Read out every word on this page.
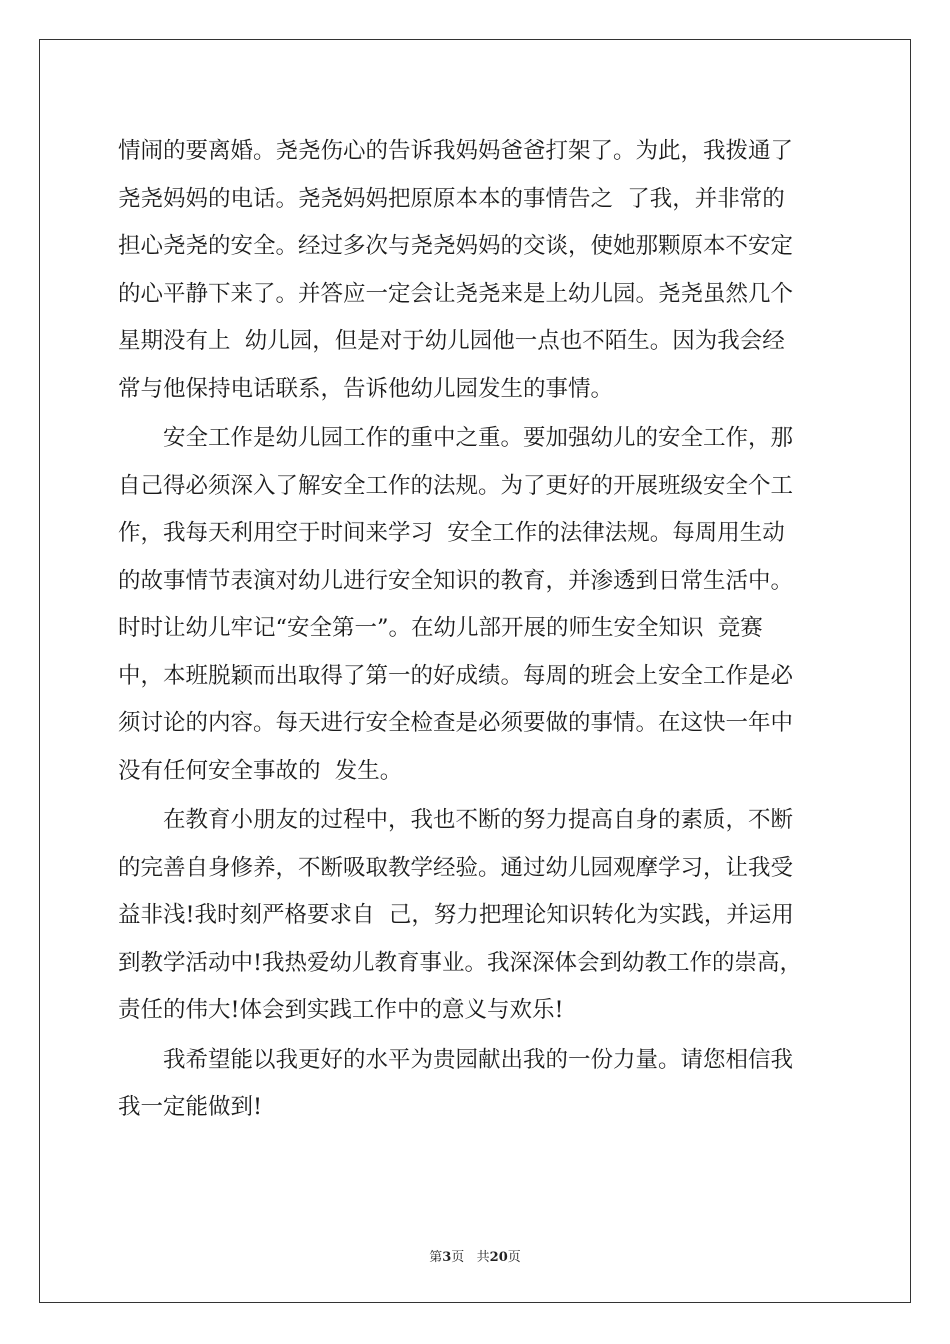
情闹的要离婚。尧尧伤心的告诉我妈妈爸爸打架了。为此，我拨通了
尧尧妈妈的电话。尧尧妈妈把原原本本的事情告之  了我，并非常的
担心尧尧的安全。经过多次与尧尧妈妈的交谈，使她那颗原本不安定
的心平静下来了。并答应一定会让尧尧来是上幼儿园。尧尧虽然几个
星期没有上  幼儿园，但是对于幼儿园他一点也不陌生。因为我会经
常与他保持电话联系，告诉他幼儿园发生的事情。
安全工作是幼儿园工作的重中之重。要加强幼儿的安全工作，那
自己得必须深入了解安全工作的法规。为了更好的开展班级安全个工
作，我每天利用空于时间来学习  安全工作的法律法规。每周用生动
的故事情节表演对幼儿进行安全知识的教育，并渗透到日常生活中。
时时让幼儿牢记“安全第一”。在幼儿部开展的师生安全知识  竞赛
中，本班脱颖而出取得了第一的好成绩。每周的班会上安全工作是必
须讨论的内容。每天进行安全检查是必须要做的事情。在这快一年中
没有任何安全事故的  发生。
在教育小朋友的过程中，我也不断的努力提高自身的素质，不断
的完善自身修养，不断吸取教学经验。通过幼儿园观摩学习，让我受
益非浅!我时刻严格要求自  己，努力把理论知识转化为实践，并运用
到教学活动中!我热爱幼儿教育事业。我深深体会到幼教工作的崇高，
责任的伟大!体会到实践工作中的意义与欢乐!
我希望能以我更好的水平为贵园献出我的一份力量。请您相信我
我一定能做到!
第3页   共20页
